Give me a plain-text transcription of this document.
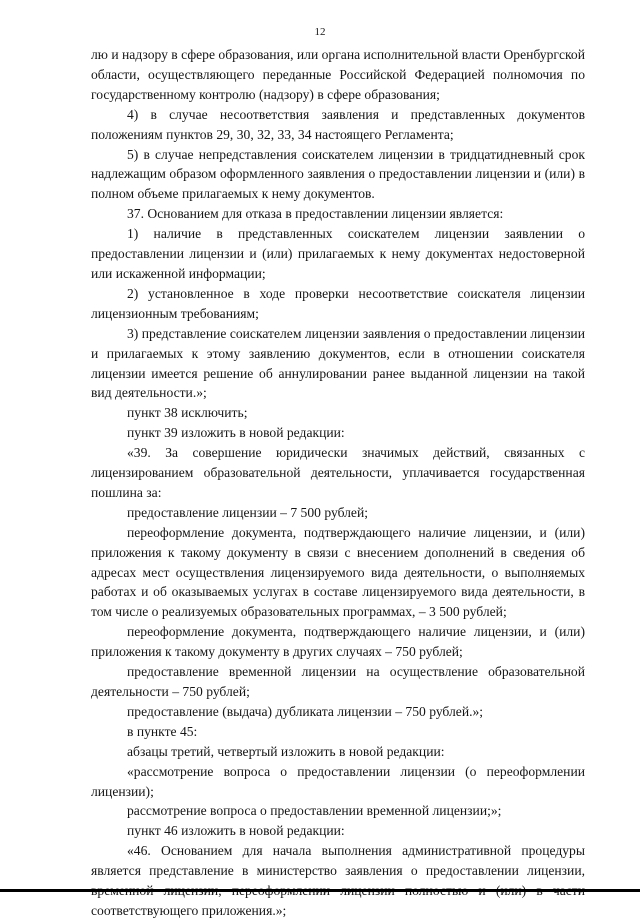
12

лю и надзору в сфере образования, или органа исполнительной власти Оренбургской области, осуществляющего переданные Российской Федерацией полномочия по государственному контролю (надзору) в сфере образования;

4) в случае несоответствия заявления и представленных документов положениям пунктов 29, 30, 32, 33, 34 настоящего Регламента;

5) в случае непредставления соискателем лицензии в тридцатидневный срок надлежащим образом оформленного заявления о предоставлении лицензии и (или) в полном объеме прилагаемых к нему документов.

37. Основанием для отказа в предоставлении лицензии является:

1) наличие в представленных соискателем лицензии заявлении о предоставлении лицензии и (или) прилагаемых к нему документах недостоверной или искаженной информации;

2) установленное в ходе проверки несоответствие соискателя лицензии лицензионным требованиям;

3) представление соискателем лицензии заявления о предоставлении лицензии и прилагаемых к этому заявлению документов, если в отношении соискателя лицензии имеется решение об аннулировании ранее выданной лицензии на такой вид деятельности.»;

пункт 38 исключить;

пункт 39 изложить в новой редакции:

«39. За совершение юридически значимых действий, связанных с лицензированием образовательной деятельности, уплачивается государственная пошлина за:

предоставление лицензии – 7 500 рублей;

переоформление документа, подтверждающего наличие лицензии, и (или) приложения к такому документу в связи с внесением дополнений в сведения об адресах мест осуществления лицензируемого вида деятельности, о выполняемых работах и об оказываемых услугах в составе лицензируемого вида деятельности, в том числе о реализуемых образовательных программах, – 3 500 рублей;

переоформление документа, подтверждающего наличие лицензии, и (или) приложения к такому документу в других случаях – 750 рублей;

предоставление временной лицензии на осуществление образовательной деятельности – 750 рублей;

предоставление (выдача) дубликата лицензии – 750 рублей.»;

в пункте 45:

абзацы третий, четвертый изложить в новой редакции:

«рассмотрение вопроса о предоставлении лицензии (о переоформлении лицензии);

рассмотрение вопроса о предоставлении временной лицензии;»;

пункт 46 изложить в новой редакции:

«46. Основанием для начала выполнения административной процедуры является представление в министерство заявления о предоставлении лицензии, соответствующего приложения.»;
